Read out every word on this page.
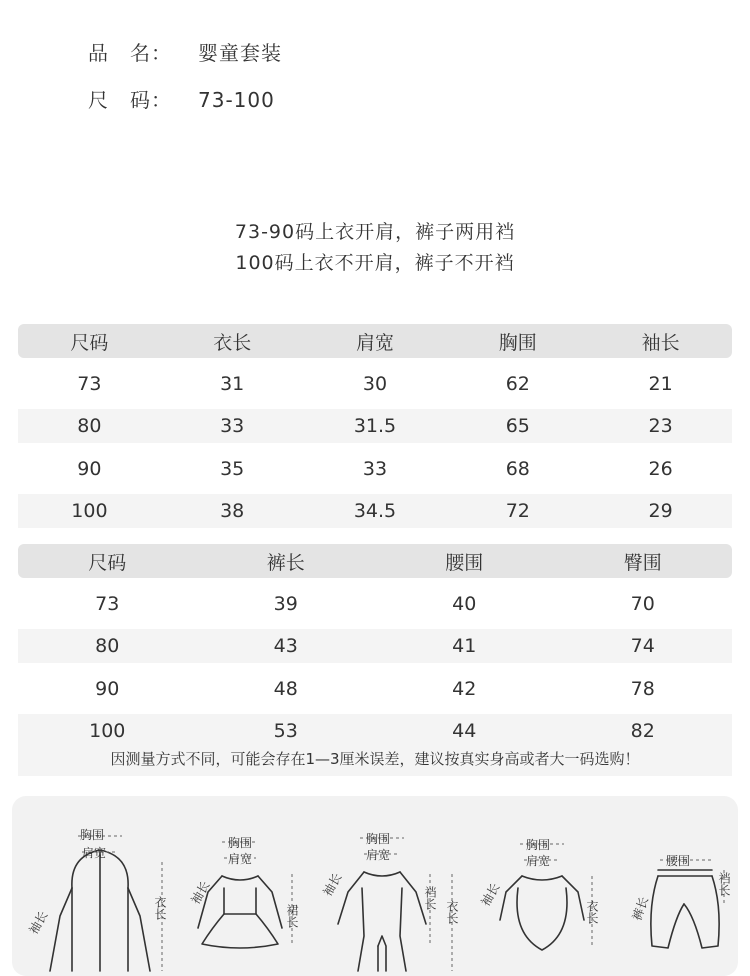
品　名： 婴童套装
尺　码： 73-100
73-90码上衣开肩，裤子两用裆
100码上衣不开肩，裤子不开裆
尺码	衣长	肩宽	胸围	袖长
73	31	30	62	21
80	33	31.5	65	23
90	35	33	68	26
100	38	34.5	72	29
尺码	裤长	腰围	臀围
73	39	40	70
80	43	41	74
90	48	42	78
100	53	44	82
因测量方式不同，可能会存在1—3厘米误差，建议按真实身高或者大一码选购！
胸围
肩宽
袖长
衣长
胸围
肩宽
袖长
裙长
胸围
肩宽
袖长	裆长
衣长
胸围
肩宽
袖长
衣长
腰围
裤长
裆长
